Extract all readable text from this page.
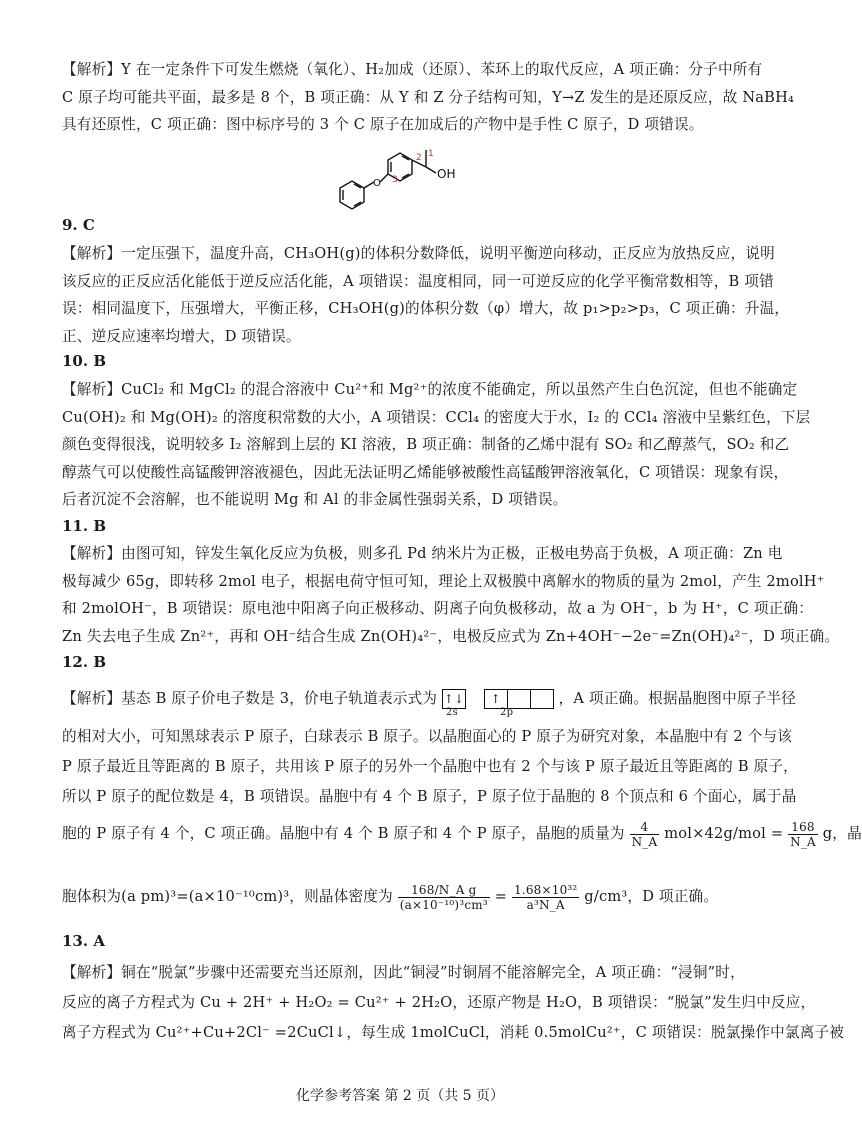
【解析】Y 在一定条件下可发生燃烧（氧化）、H₂加成（还原）、苯环上的取代反应，A 项正确：分子中所有
C 原子均可能共平面，最多是 8 个，B 项正确：从 Y 和 Z 分子结构可知，Y→Z 发生的是还原反应，故 NaBH₄
具有还原性，C 项正确：图中标序号的 3 个 C 原子在加成后的产物中是手性 C 原子，D 项错误。
O
OH
1
2
3
9. C
【解析】一定压强下，温度升高，CH₃OH(g)的体积分数降低，说明平衡逆向移动，正反应为放热反应，说明
该反应的正反应活化能低于逆反应活化能，A 项错误：温度相同，同一可逆反应的化学平衡常数相等，B 项错
误：相同温度下，压强增大，平衡正移，CH₃OH(g)的体积分数（φ）增大，故 p₁>p₂>p₃，C 项正确：升温，
正、逆反应速率均增大，D 项错误。
10. B
【解析】CuCl₂ 和 MgCl₂ 的混合溶液中 Cu²⁺和 Mg²⁺的浓度不能确定，所以虽然产生白色沉淀，但也不能确定
Cu(OH)₂ 和 Mg(OH)₂ 的溶度积常数的大小，A 项错误：CCl₄ 的密度大于水，I₂ 的 CCl₄ 溶液中呈紫红色，下层
颜色变得很浅，说明较多 I₂ 溶解到上层的 KI 溶液，B 项正确：制备的乙烯中混有 SO₂ 和乙醇蒸气，SO₂ 和乙
醇蒸气可以使酸性高锰酸钾溶液褪色，因此无法证明乙烯能够被酸性高锰酸钾溶液氧化，C 项错误：现象有误，
后者沉淀不会溶解，也不能说明 Mg 和 Al 的非金属性强弱关系，D 项错误。
11. B
【解析】由图可知，锌发生氧化反应为负极，则多孔 Pd 纳米片为正极，正极电势高于负极，A 项正确：Zn 电
极每减少 65g，即转移 2mol 电子，根据电荷守恒可知，理论上双极膜中离解水的物质的量为 2mol，产生 2molH⁺
和 2molOH⁻，B 项错误：原电池中阳离子向正极移动、阴离子向负极移动，故 a 为 OH⁻，b 为 H⁺，C 项正确：
Zn 失去电子生成 Zn²⁺，再和 OH⁻结合生成 Zn(OH)₄²⁻，电极反应式为 Zn+4OH⁻−2e⁻=Zn(OH)₄²⁻，D 项正确。
12. B
【解析】基态 B 原子价电子数是 3，价电子轨道表示式为 ↑↓ ↑
2s	2p
，A 项正确。根据晶胞图中原子半径
的相对大小，可知黑球表示 P 原子，白球表示 B 原子。以晶胞面心的 P 原子为研究对象，本晶胞中有 2 个与该
P 原子最近且等距离的 B 原子，共用该 P 原子的另外一个晶胞中也有 2 个与该 P 原子最近且等距离的 B 原子，
所以 P 原子的配位数是 4，B 项错误。晶胞中有 4 个 B 原子，P 原子位于晶胞的 8 个顶点和 6 个面心，属于晶
胞的 P 原子有 4 个，C 项正确。晶胞中有 4 个 B 原子和 4 个 P 原子，晶胞的质量为 $\frac{4}{N\_A} mol\times 42g/mol = \frac{168}{N\_A}$ g，晶
胞体积为(a pm)³=(a×10⁻¹⁰cm)³，则晶体密度为 $\frac{\text{168/N\_A g}}{\text{(a×10⁻¹⁰)³cm³}} = \frac{\text{1.68×10³²}}{\text{a³N\_A}} g/cm^3$，D 项正确。
13. A
【解析】铜在“脱氯”步骤中还需要充当还原剂，因此“铜浸”时铜屑不能溶解完全，A 项正确：“浸铜”时，
反应的离子方程式为 Cu + 2H⁺ + H₂O₂ = Cu²⁺ + 2H₂O，还原产物是 H₂O，B 项错误：“脱氯”发生归中反应，
离子方程式为 Cu²⁺+Cu+2Cl⁻ =2CuCl↓，每生成 1molCuCl，消耗 0.5molCu²⁺，C 项错误：脱氯操作中氯离子被
化学参考答案 第 2 页（共 5 页）
